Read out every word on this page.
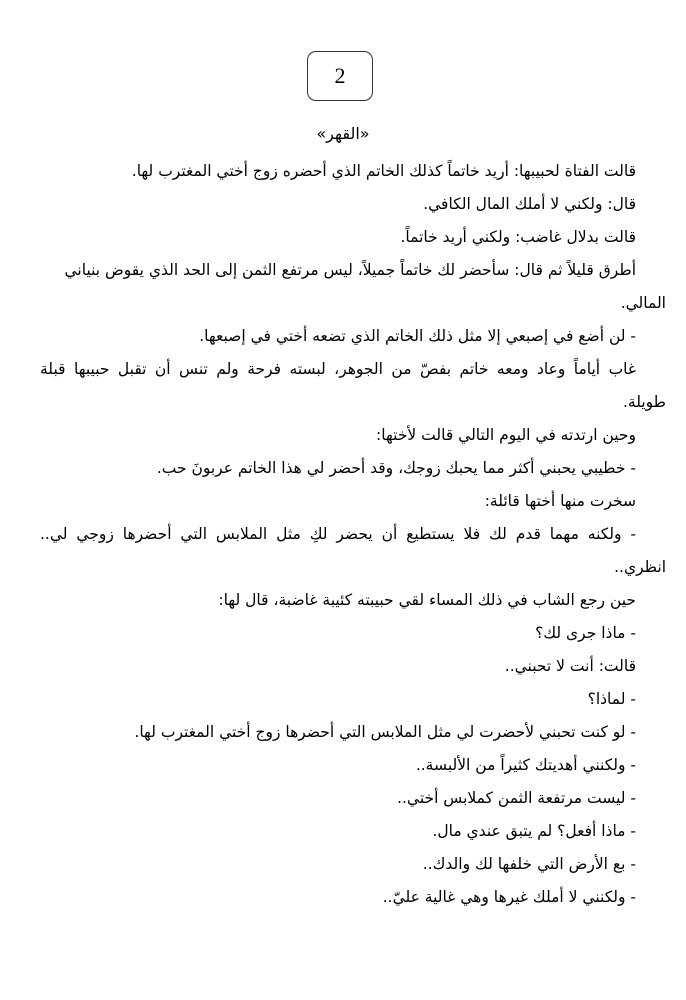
2
«القهر»
قالت الفتاة لحبيبها: أريد خاتماً كذلك الخاتم الذي أحضره زوج أختي المغترب لها.
قال: ولكني لا أملك المال الكافي.
قالت بدلال غاضب: ولكني أريد خاتماً.
أطرق قليلاً ثم قال: سأحضر لك خاتماً جميلاً، ليس مرتفع الثمن إلى الحد الذي يقوض بنياني
المالي.
- لن أضع في إصبعي إلا مثل ذلك الخاتم الذي تضعه أختي في إصبعها.
غاب أياماً وعاد ومعه خاتم بفصّ من الجوهر، لبسته فرحة ولم تنس أن تقبل حبيبها قبلة
طويلة.
وحين ارتدته في اليوم التالي قالت لأختها:
- خطيبي يحبني أكثر مما يحبك زوجك، وقد أحضر لي هذا الخاتم عربونَ حب.
سخرت منها أختها قائلة:
- ولكنه مهما قدم لك فلا يستطيع أن يحضر لكِ مثل الملابس التي أحضرها زوجي لي..
انظري..
حين رجع الشاب في ذلك المساء لقي حبيبته كئيبة غاضبة، قال لها:
- ماذا جرى لك؟
قالت: أنت لا تحبني..
- لماذا؟
- لو كنت تحبني لأحضرت لي مثل الملابس التي أحضرها زوج أختي المغترب لها.
- ولكنني أهديتك كثيراً من الألبسة..
- ليست مرتفعة الثمن كملابس أختي..
- ماذا أفعل؟ لم يتبق عندي مال.
- بع الأرض التي خلفها لك والدك..
- ولكنني لا أملك غيرها وهي غالية عليّ..
